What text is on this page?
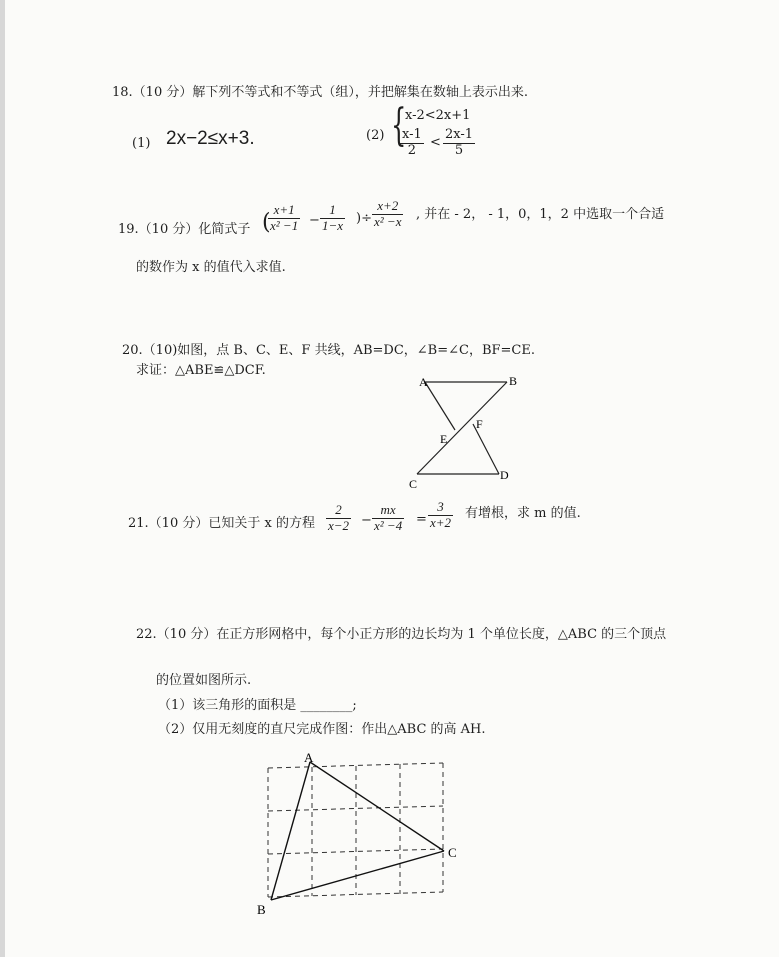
18.（10 分）解下列不等式和不等式（组），并把解集在数轴上表示出来.
(1) 2x−2≤x+3.	(2) {
x-2<2x+1
$\frac{x-1}{2} < \frac{2x-1}{5}$
19.（10 分）化简式子 (
$\frac{x+1}{\text{x² −1}} - \frac{1}{1-x}$ )÷ $\frac{x+2}{\text{x² −x}}$ , 并在 - 2， - 1，0，1，2 中选取一个合适
的数作为 x 的值代入求值.
20.（10)如图，点 B、C、E、F 共线，AB=DC，∠B=∠C，BF=CE.
求证：△ABE≌△DCF.
A	B
C
D
E
F
21.（10 分）已知关于 x 的方程 $\frac{2}{x-2} - \frac{mx}{\text{x² −4}} = \frac{3}{x+2}$ 有增根，求 m 的值.
22.（10 分）在正方形网格中，每个小正方形的边长均为 1 个单位长度，△ABC 的三个顶点
的位置如图所示.
（1）该三角形的面积是 ________;
（2）仅用无刻度的直尺完成作图：作出△ABC 的高 AH.
A
C
B
